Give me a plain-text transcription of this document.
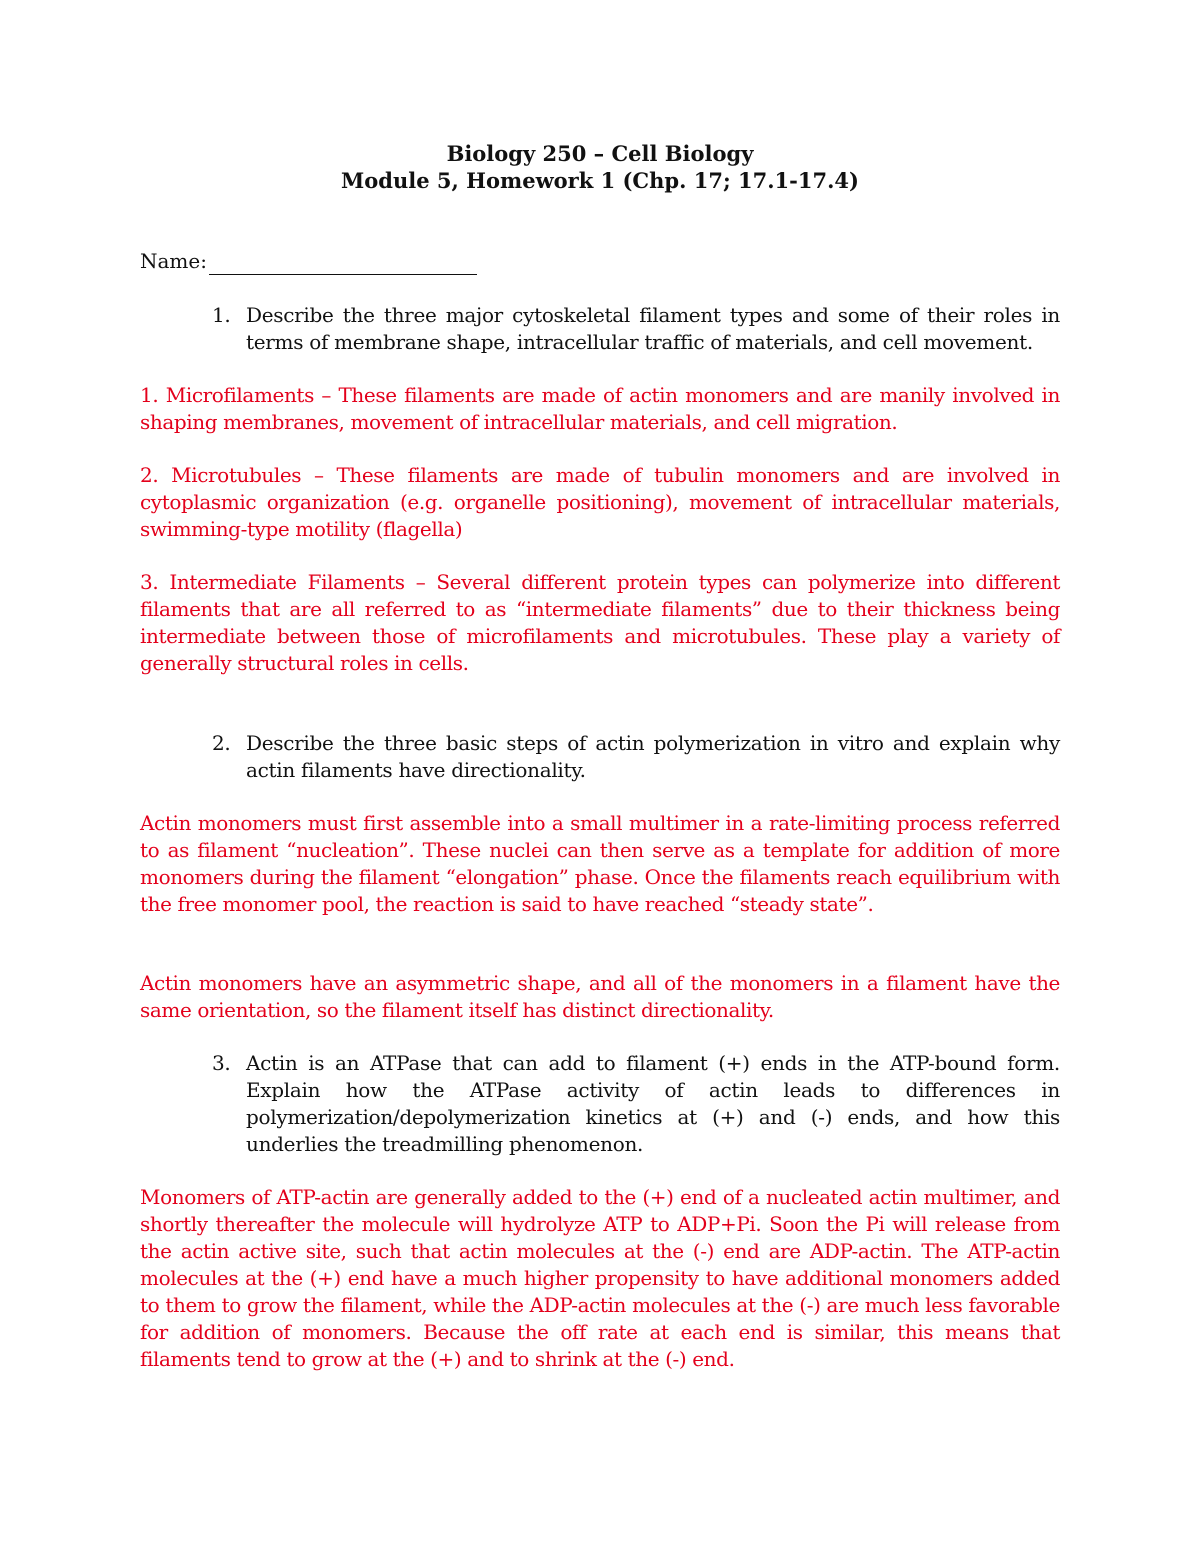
Biology 250 – Cell Biology
Module 5, Homework 1 (Chp. 17; 17.1-17.4)
Name:
1. Describe the three major cytoskeletal filament types and some of their roles in terms of membrane shape, intracellular traffic of materials, and cell movement.
1. Microfilaments – These filaments are made of actin monomers and are manily involved in shaping membranes, movement of intracellular materials, and cell migration.
2. Microtubules – These filaments are made of tubulin monomers and are involved in cytoplasmic organization (e.g. organelle positioning), movement of intracellular materials, swimming-type motility (flagella)
3. Intermediate Filaments – Several different protein types can polymerize into different filaments that are all referred to as “intermediate filaments” due to their thickness being intermediate between those of microfilaments and microtubules. These play a variety of generally structural roles in cells.
2. Describe the three basic steps of actin polymerization in vitro and explain why actin filaments have directionality.
Actin monomers must first assemble into a small multimer in a rate-limiting process referred to as filament “nucleation”. These nuclei can then serve as a template for addition of more monomers during the filament “elongation” phase. Once the filaments reach equilibrium with the free monomer pool, the reaction is said to have reached “steady state”.
Actin monomers have an asymmetric shape, and all of the monomers in a filament have the same orientation, so the filament itself has distinct directionality.
3. Actin is an ATPase that can add to filament (+) ends in the ATP-bound form. Explain how the ATPase activity of actin leads to differences in polymerization/depolymerization kinetics at (+) and (-) ends, and how this underlies the treadmilling phenomenon.
Monomers of ATP-actin are generally added to the (+) end of a nucleated actin multimer, and shortly thereafter the molecule will hydrolyze ATP to ADP+Pi. Soon the Pi will release from the actin active site, such that actin molecules at the (-) end are ADP-actin. The ATP-actin molecules at the (+) end have a much higher propensity to have additional monomers added to them to grow the filament, while the ADP-actin molecules at the (-) are much less favorable for addition of monomers. Because the off rate at each end is similar, this means that filaments tend to grow at the (+) and to shrink at the (-) end.
